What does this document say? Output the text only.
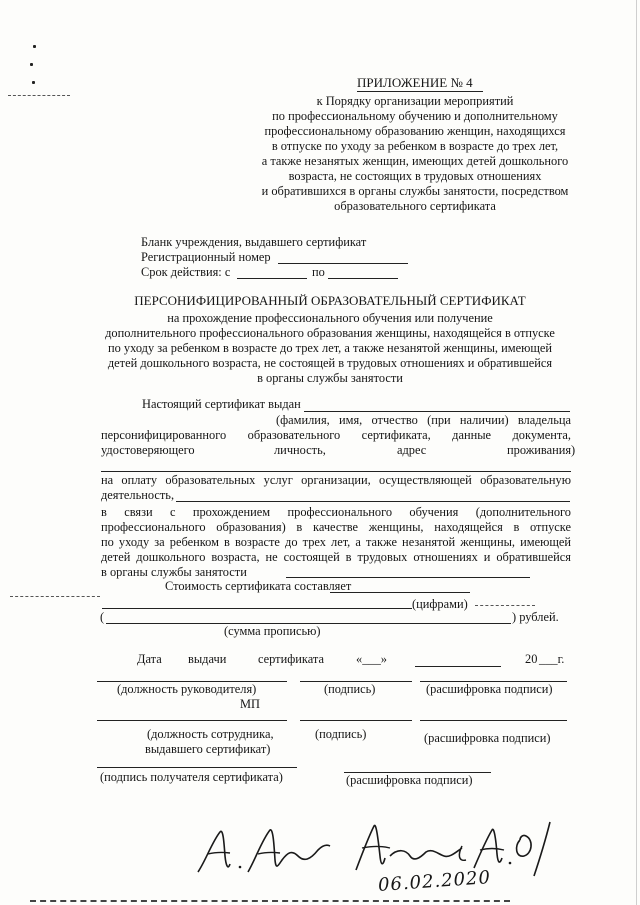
ПРИЛОЖЕНИЕ № 4
к Порядку организации мероприятий
по профессиональному обучению и дополнительному
профессиональному образованию женщин, находящихся
в отпуске по уходу за ребенком в возрасте до трех лет,
а также незанятых женщин, имеющих детей дошкольного
возраста, не состоящих в трудовых отношениях
и обратившихся в органы службы занятости, посредством
образовательного сертификата
Бланк учреждения, выдавшего сертификат
Регистрационный номер
Срок действия: с	по
ПЕРСОНИФИЦИРОВАННЫЙ ОБРАЗОВАТЕЛЬНЫЙ СЕРТИФИКАТ
на прохождение профессионального обучения или получение
дополнительного профессионального образования женщины, находящейся в отпуске
по уходу за ребенком в возрасте до трех лет, а также незанятой женщины, имеющей
детей дошкольного возраста, не состоящей в трудовых отношениях и обратившейся
в органы службы занятости
Настоящий сертификат выдан
(фамилия, имя, отчество (при наличии) владельца
персонифицированного образовательного сертификата, данные документа,
удостоверяющего	личность,	адрес	проживания)
на оплату образовательных услуг организации, осуществляющей образовательную
деятельность,
в связи с прохождением профессионального обучения (дополнительного
профессионального образования) в качестве женщины, находящейся в отпуске
по уходу за ребенком в возрасте до трех лет, а также незанятой женщины, имеющей
детей дошкольного возраста, не состоящей в трудовых отношениях и обратившейся
в органы службы занятости
Стоимость сертификата составляет
(цифрами)
(	) рублей.
(сумма прописью)
Дата выдачи	сертификата	«___»	20 ___г.
(должность руководителя)	(подпись)	(расшифровка подписи)
МП
(должность сотрудника,
выдавшего сертификат)
(подпись)	(расшифровка подписи)
(подпись получателя сертификата)	(расшифровка подписи)
06.02.2020
